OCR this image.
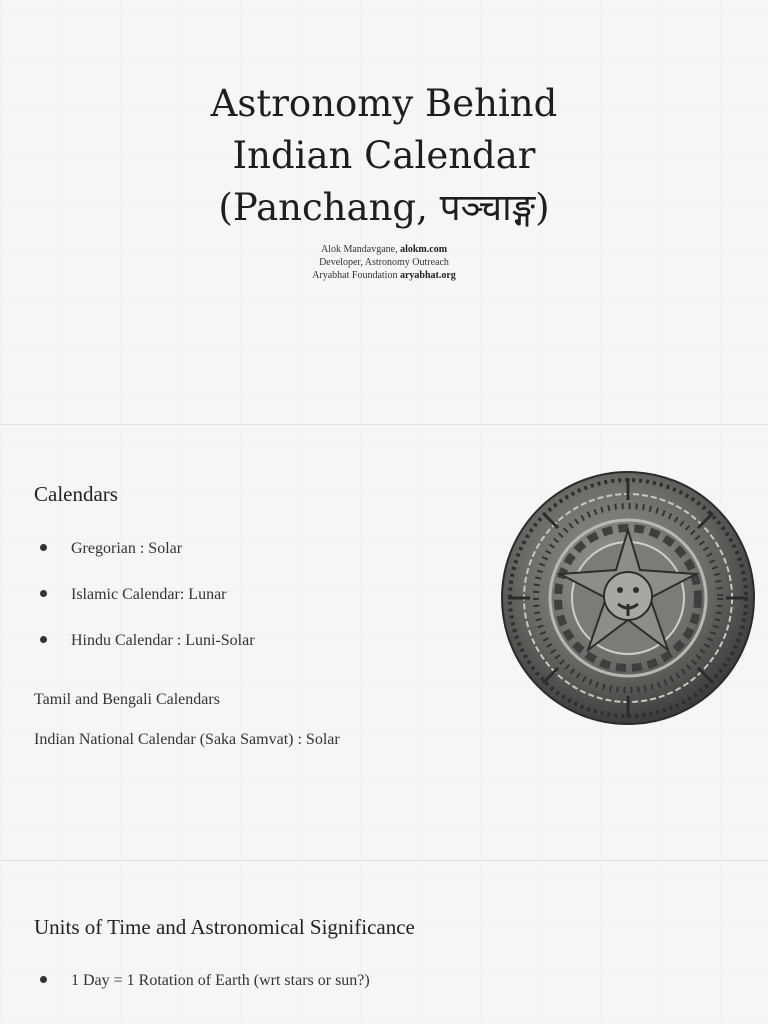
Astronomy Behind
Indian Calendar
(Panchang, पञ्चाङ्ग)
Alok Mandavgane, alokm.com
Developer, Astronomy Outreach
Aryabhat Foundation aryabhat.org
Calendars
Gregorian : Solar
Islamic Calendar: Lunar
Hindu Calendar : Luni-Solar
Tamil and Bengali Calendars
Indian National Calendar (Saka Samvat) : Solar
Units of Time and Astronomical Significance
1 Day = 1 Rotation of Earth (wrt stars or sun?)
